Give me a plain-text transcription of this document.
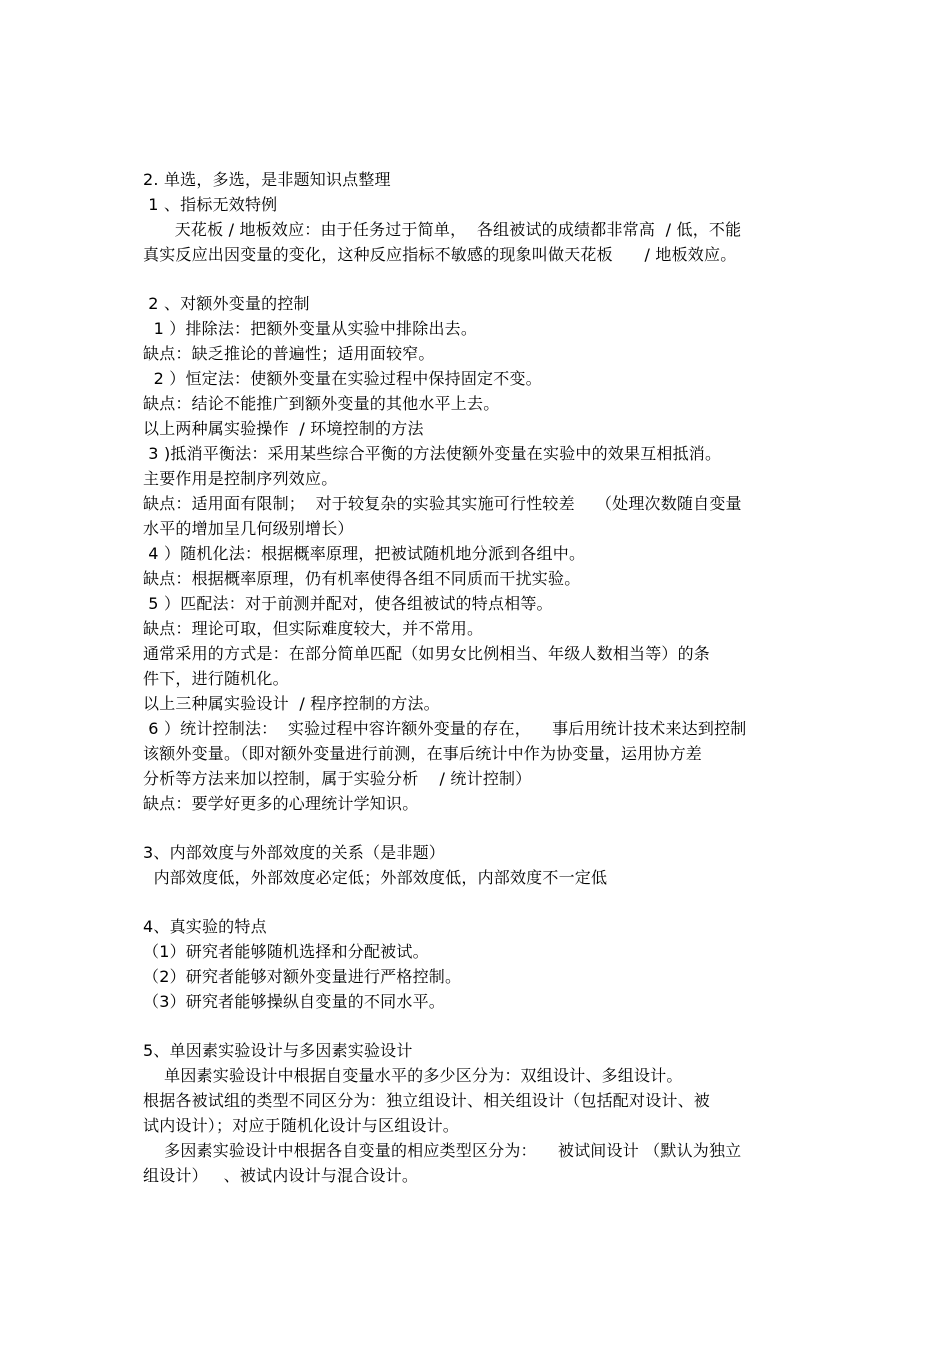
2. 单选，多选，是非题知识点整理
1 、指标无效特例
天花板 / 地板效应：由于任务过于简单，  各组被试的成绩都非常高  / 低，不能
真实反应出因变量的变化，这种反应指标不敏感的现象叫做天花板      / 地板效应。
2 、对额外变量的控制
1 ）排除法：把额外变量从实验中排除出去。
缺点：缺乏推论的普遍性；适用面较窄。
2 ）恒定法：使额外变量在实验过程中保持固定不变。
缺点：结论不能推广到额外变量的其他水平上去。
以上两种属实验操作  / 环境控制的方法
3 )抵消平衡法：采用某些综合平衡的方法使额外变量在实验中的效果互相抵消。
主要作用是控制序列效应。
缺点：适用面有限制；  对于较复杂的实验其实施可行性较差    （处理次数随自变量
水平的增加呈几何级别增长）
4 ）随机化法：根据概率原理，把被试随机地分派到各组中。
缺点：根据概率原理，仍有机率使得各组不同质而干扰实验。
5 ）匹配法：对于前测并配对，使各组被试的特点相等。
缺点：理论可取，但实际难度较大，并不常用。
通常采用的方式是：在部分简单匹配（如男女比例相当、年级人数相当等）的条
件下，进行随机化。
以上三种属实验设计  / 程序控制的方法。
6 ）统计控制法：  实验过程中容许额外变量的存在，    事后用统计技术来达到控制
该额外变量。（即对额外变量进行前测，在事后统计中作为协变量，运用协方差
分析等方法来加以控制，属于实验分析    / 统计控制）
缺点：要学好更多的心理统计学知识。
3、内部效度与外部效度的关系（是非题）
内部效度低，外部效度必定低；外部效度低，内部效度不一定低
4、真实验的特点
（1）研究者能够随机选择和分配被试。
（2）研究者能够对额外变量进行严格控制。
（3）研究者能够操纵自变量的不同水平。
5、单因素实验设计与多因素实验设计
单因素实验设计中根据自变量水平的多少区分为：双组设计、多组设计。
根据各被试组的类型不同区分为：独立组设计、相关组设计（包括配对设计、被
试内设计）；对应于随机化设计与区组设计。
多因素实验设计中根据各自变量的相应类型区分为：    被试间设计 （默认为独立
组设计）   、被试内设计与混合设计。
